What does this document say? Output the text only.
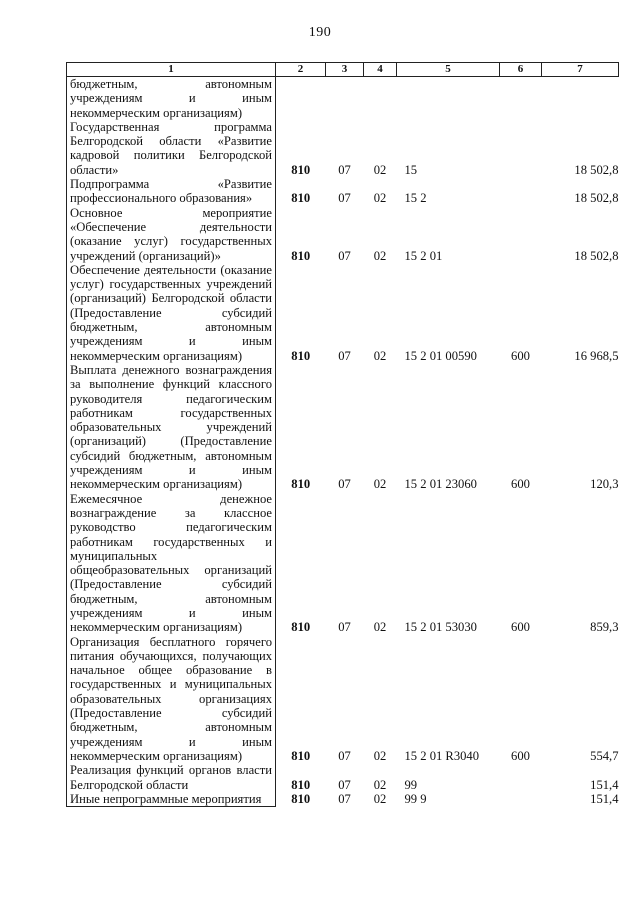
190
1	2	3	4	5	6	7
бюджетным, автономным учреждениям и иным некоммерческим организациям)						
Государственная программа Белгородской области «Развитие кадровой политики Белгородской области»	810	07	02	15		18 502,8
Подпрограмма «Развитие профессионального образования»	810	07	02	15 2		18 502,8
Основное мероприятие «Обеспечение деятельности (оказание услуг) государственных учреждений (организаций)»	810	07	02	15 2 01		18 502,8
Обеспечение деятельности (оказание услуг) государственных учреждений (организаций) Белгородской области (Предоставление субсидий бюджетным, автономным учреждениям и иным некоммерческим организациям)	810	07	02	15 2 01 00590	600	16 968,5
Выплата денежного вознаграждения за выполнение функций классного руководителя педагогическим работникам государственных образовательных учреждений (организаций) (Предоставление субсидий бюджетным, автономным учреждениям и иным некоммерческим организациям)	810	07	02	15 2 01 23060	600	120,3
Ежемесячное денежное вознаграждение за классное руководство педагогическим работникам государственных и муниципальных общеобразовательных организаций (Предоставление субсидий бюджетным, автономным учреждениям и иным некоммерческим организациям)	810	07	02	15 2 01 53030	600	859,3
Организация бесплатного горячего питания обучающихся, получающих начальное общее образование в государственных и муниципальных образовательных организациях (Предоставление субсидий бюджетным, автономным учреждениям и иным некоммерческим организациям)	810	07	02	15 2 01 R3040	600	554,7
Реализация функций органов власти Белгородской области	810	07	02	99		151,4
Иные непрограммные мероприятия	810	07	02	99 9		151,4
